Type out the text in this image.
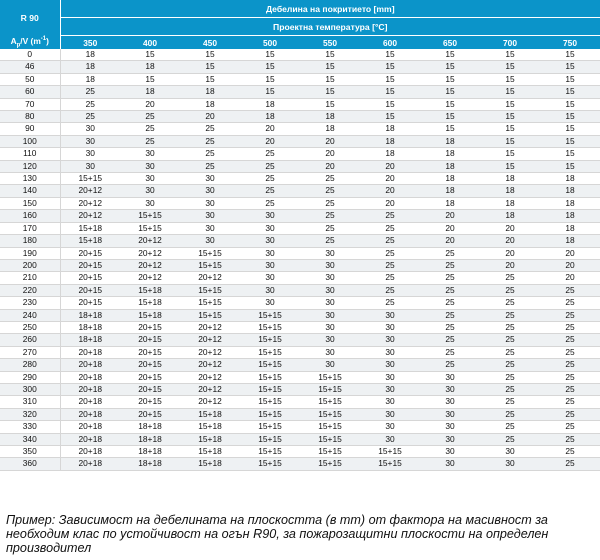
R 90	Дебелина на покритието [mm]								
	Проектна температура [°C]								
$A_p/V$ $(m^{-1})$	350	400	450	500	550	600	650	700	750
0	18	15	15	15	15	15	15	15	15
46	18	18	15	15	15	15	15	15	15
50	18	15	15	15	15	15	15	15	15
60	25	18	18	15	15	15	15	15	15
70	25	20	18	18	15	15	15	15	15
80	25	25	20	18	18	15	15	15	15
90	30	25	25	20	18	18	15	15	15
100	30	25	25	20	20	18	18	15	15
110	30	30	25	25	20	18	18	15	15
120	30	30	25	25	20	20	18	15	15
130	15+15	30	30	25	25	20	18	18	18
140	20+12	30	30	25	25	20	18	18	18
150	20+12	30	30	25	25	20	18	18	18
160	20+12	15+15	30	30	25	25	20	18	18
170	15+18	15+15	30	30	25	25	20	20	18
180	15+18	20+12	30	30	25	25	20	20	18
190	20+15	20+12	15+15	30	30	25	25	20	20
200	20+15	20+12	15+15	30	30	25	25	20	20
210	20+15	20+12	20+12	30	30	25	25	25	20
220	20+15	15+18	15+15	30	30	25	25	25	25
230	20+15	15+18	15+15	30	30	25	25	25	25
240	18+18	15+18	15+15	15+15	30	30	25	25	25
250	18+18	20+15	20+12	15+15	30	30	25	25	25
260	18+18	20+15	20+12	15+15	30	30	25	25	25
270	20+18	20+15	20+12	15+15	30	30	25	25	25
280	20+18	20+15	20+12	15+15	30	30	25	25	25
290	20+18	20+15	20+12	15+15	15+15	30	30	25	25
300	20+18	20+15	20+12	15+15	15+15	30	30	25	25
310	20+18	20+15	20+12	15+15	15+15	30	30	25	25
320	20+18	20+15	15+18	15+15	15+15	30	30	25	25
330	20+18	18+18	15+18	15+15	15+15	30	30	25	25
340	20+18	18+18	15+18	15+15	15+15	30	30	25	25
350	20+18	18+18	15+18	15+15	15+15	15+15	30	30	25
360	20+18	18+18	15+18	15+15	15+15	15+15	30	30	25
Пример: Зависимост на дебелината на плоскостта (в mm) от фактора на масивност за необходим клас по устойчивост на огън R90, за пожарозащитни плоскости на определен производител
